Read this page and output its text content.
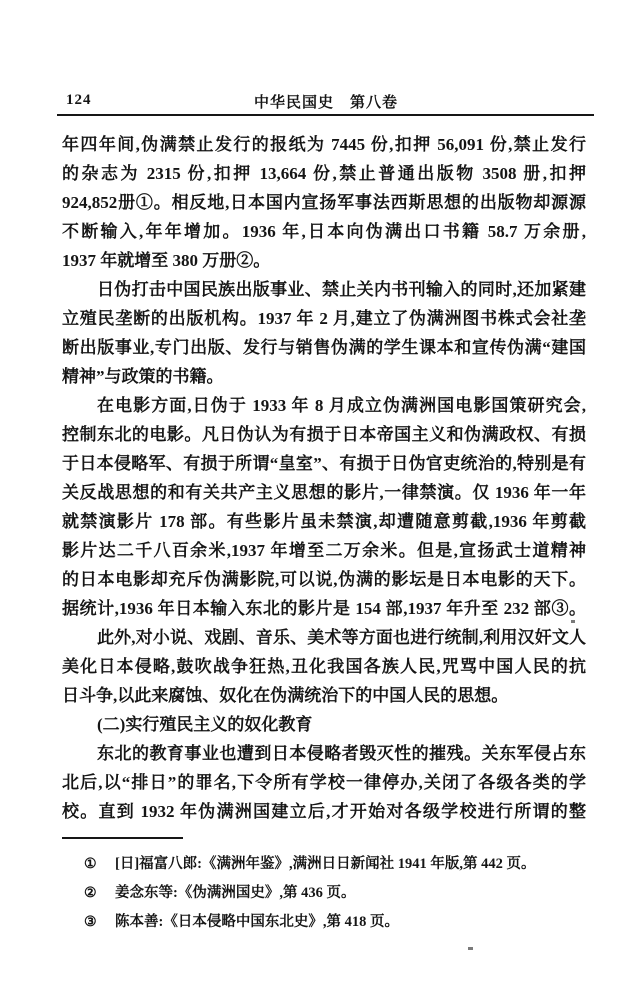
124	中华民国史　第八卷
年四年间,伪满禁止发行的报纸为 7445 份,扣押 56,091 份,禁止发行
的杂志为 2315 份,扣押 13,664 份,禁止普通出版物 3508 册,扣押
924,852册①。相反地,日本国内宣扬军事法西斯思想的出版物却源源
不断输入,年年增加。1936 年,日本向伪满出口书籍 58.7 万余册,
1937 年就增至 380 万册②。
日伪打击中国民族出版事业、禁止关内书刊输入的同时,还加紧建
立殖民垄断的出版机构。1937 年 2 月,建立了伪满洲图书株式会社垄
断出版事业,专门出版、发行与销售伪满的学生课本和宣传伪满“建国
精神”与政策的书籍。
在电影方面,日伪于 1933 年 8 月成立伪满洲国电影国策研究会,
控制东北的电影。凡日伪认为有损于日本帝国主义和伪满政权、有损
于日本侵略军、有损于所谓“皇室”、有损于日伪官吏统治的,特别是有
关反战思想的和有关共产主义思想的影片,一律禁演。仅 1936 年一年
就禁演影片 178 部。有些影片虽未禁演,却遭随意剪截,1936 年剪截
影片达二千八百余米,1937 年增至二万余米。但是,宣扬武士道精神
的日本电影却充斥伪满影院,可以说,伪满的影坛是日本电影的天下。
据统计,1936 年日本输入东北的影片是 154 部,1937 年升至 232 部③。
此外,对小说、戏剧、音乐、美术等方面也进行统制,利用汉奸文人
美化日本侵略,鼓吹战争狂热,丑化我国各族人民,咒骂中国人民的抗
日斗争,以此来腐蚀、奴化在伪满统治下的中国人民的思想。
(二)实行殖民主义的奴化教育
东北的教育事业也遭到日本侵略者毁灭性的摧残。关东军侵占东
北后,以“排日”的罪名,下令所有学校一律停办,关闭了各级各类的学
校。直到 1932 年伪满洲国建立后,才开始对各级学校进行所谓的整
① [日]福富八郎:《满洲年鉴》,满洲日日新闻社 1941 年版,第 442 页。
② 姜念东等:《伪满洲国史》,第 436 页。
③ 陈本善:《日本侵略中国东北史》,第 418 页。
